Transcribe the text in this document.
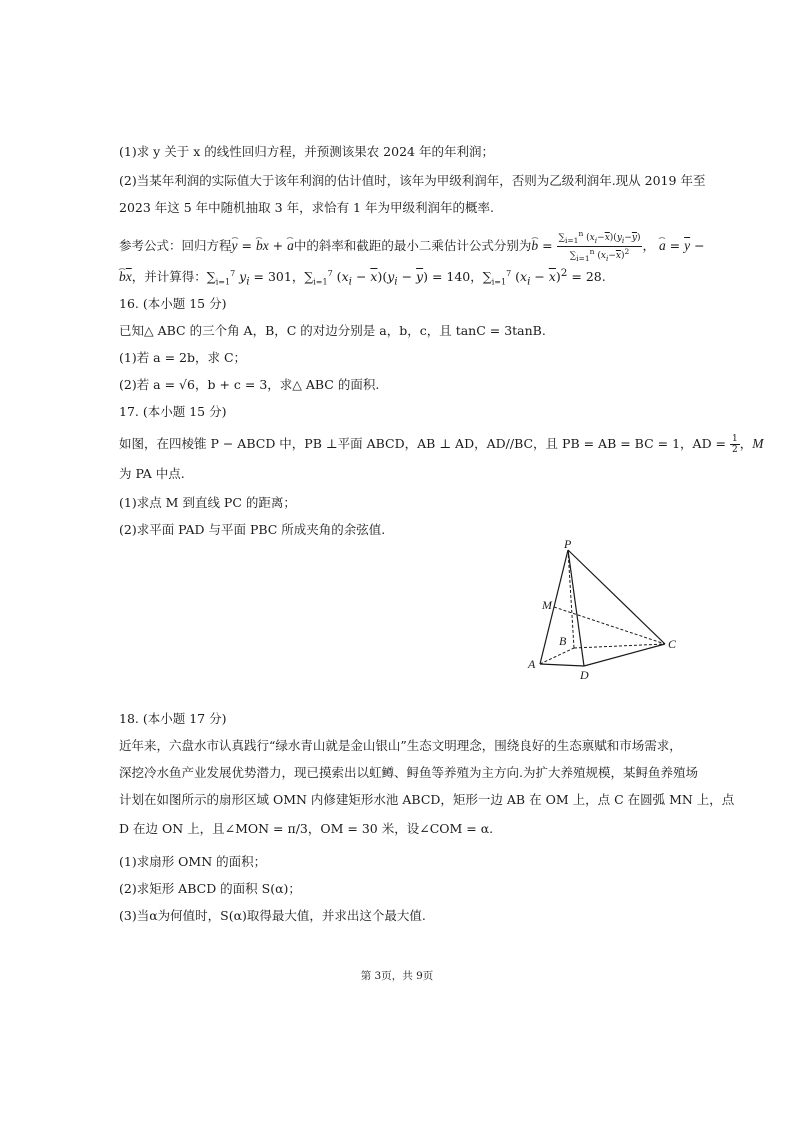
(1)求 y 关于 x 的线性回归方程，并预测该果农 2024 年的年利润；
(2)当某年利润的实际值大于该年利润的估计值时，该年为甲级利润年，否则为乙级利润年.现从 2019 年至
2023 年这 5 年中随机抽取 3 年，求恰有 1 年为甲级利润年的概率.
参考公式：回归方程⌢ y = ⌢ bx + ⌢ a中的斜率和截距的最小二乘估计公式分别为⌢ $b = \frac{\sum_{i=1}^n (x_i-\overline{x})(y_i-\overline{y})}{\sum_{i=1}^n (x_i-\overline{x})^2}$ ， ⌢ $a = \overline{y}$ −
⌢ $b\overline{x}$，并计算得：$\sum_{i=1}^7$ $y_i = 301$，$\sum_{i=1}^7$ $(x_i - \overline{x})(y_i - \overline{y}) = 140$，$\sum_{i=1}^7$ $(x_i - \overline{x})^2 = 28$.
16. (本小题 15 分)
已知△ ABC 的三个角 A，B，C 的对边分别是 a，b，c，且 tanC = 3tanB.
(1)若 a = 2b，求 C；
(2)若 a = √6，b + c = 3，求△ ABC 的面积.
17. (本小题 15 分)
如图，在四棱锥 P − ABCD 中，PB ⊥平面 ABCD，AB ⊥ AD，AD//BC，且 PB = AB = BC = 1，AD = $\frac{1}{2}$ ，M
为 PA 中点.
(1)求点 M 到直线 PC 的距离；
(2)求平面 PAD 与平面 PBC 所成夹角的余弦值.
P
M
B	C
A
D
18. (本小题 17 分)
近年来，六盘水市认真践行“绿水青山就是金山银山”生态文明理念，围绕良好的生态禀赋和市场需求，
深挖冷水鱼产业发展优势潜力，现已摸索出以虹鳟、鲟鱼等养殖为主方向.为扩大养殖规模，某鲟鱼养殖场
计划在如图所示的扇形区域 OMN 内修建矩形水池 ABCD，矩形一边 AB 在 OM 上，点 C 在圆弧 MN 上，点
D 在边 ON 上，且∠MON = π/3，OM = 30 米，设∠COM = α.
(1)求扇形 OMN 的面积；
(2)求矩形 ABCD 的面积 S(α)；
(3)当α为何值时，S(α)取得最大值，并求出这个最大值.
第 3页，共 9页
